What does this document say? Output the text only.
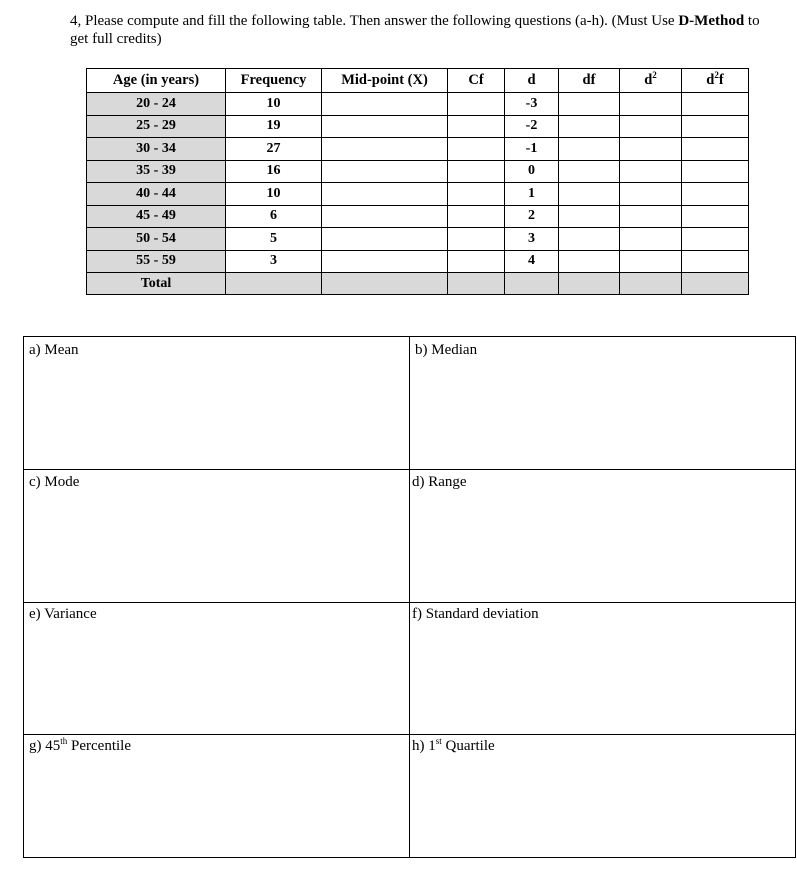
4, Please compute and fill the following table. Then answer the following questions (a-h). (Must Use D-Method to get full credits)
Age (in years)	Frequency	Mid-point (X)	Cf	d	df	$d^2$	$d^2f$
20 - 24	10			-3			
25 - 29	19			-2			
30 - 34	27			-1			
35 - 39	16			0			
40 - 44	10			1			
45 - 49	6			2			
50 - 54	5			3			
55 - 59	3			4			
Total							
a) Mean	b) Median
c) Mode	d) Range
e) Variance	f) Standard deviation
g) 45th Percentile	h) 1st Quartile
